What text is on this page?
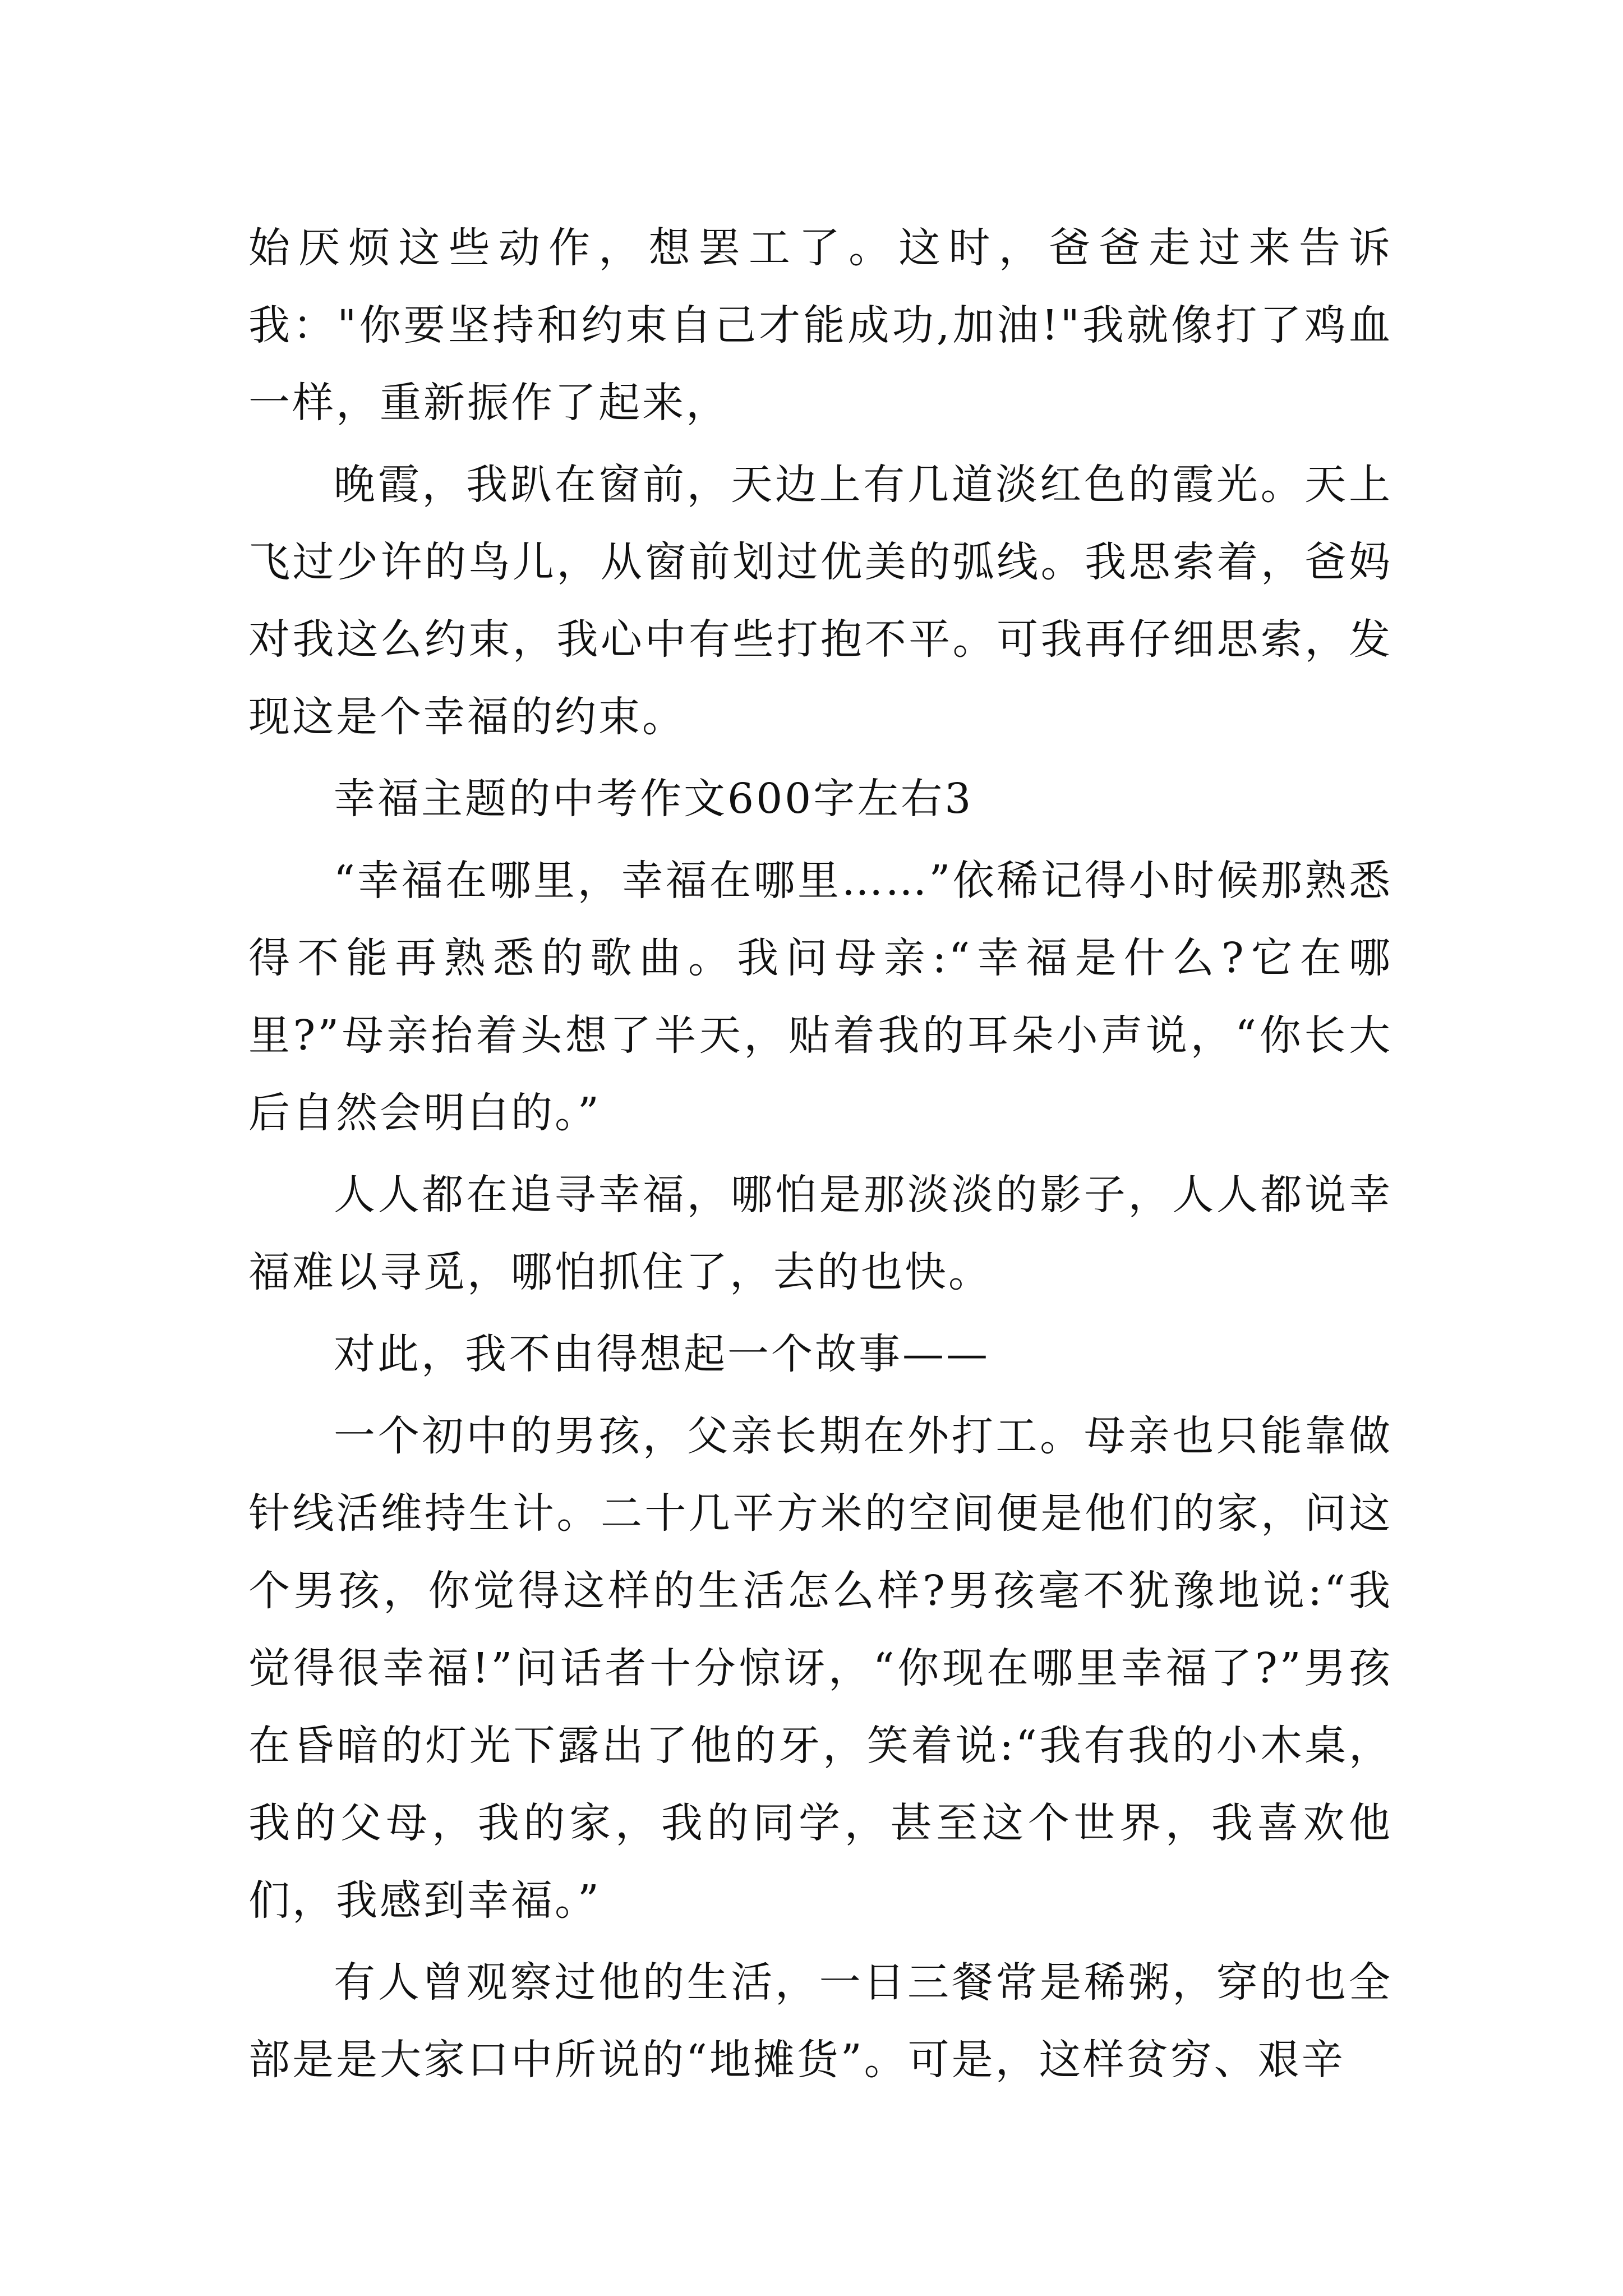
始厌烦这些动作，想罢工了。这时，爸爸走过来告诉我："你要坚持和约束自己才能成功,加油!"我就像打了鸡血一样，重新振作了起来，

晚霞，我趴在窗前，天边上有几道淡红色的霞光。天上飞过少许的鸟儿，从窗前划过优美的弧线。我思索着，爸妈对我这么约束，我心中有些打抱不平。可我再仔细思索，发现这是个幸福的约束。

幸福主题的中考作文600字左右3

“幸福在哪里，幸福在哪里……”依稀记得小时候那熟悉得不能再熟悉的歌曲。我问母亲:“幸福是什么?它在哪里?”母亲抬着头想了半天，贴着我的耳朵小声说，“你长大后自然会明白的。”

人人都在追寻幸福，哪怕是那淡淡的影子，人人都说幸福难以寻觅，哪怕抓住了，去的也快。

对此，我不由得想起一个故事——

一个初中的男孩，父亲长期在外打工。母亲也只能靠做针线活维持生计。二十几平方米的空间便是他们的家，问这个男孩，你觉得这样的生活怎么样?男孩毫不犹豫地说:“我觉得很幸福!”问话者十分惊讶，“你现在哪里幸福了?”男孩在昏暗的灯光下露出了他的牙，笑着说:“我有我的小木桌，我的父母，我的家，我的同学，甚至这个世界，我喜欢他们，我感到幸福。”

有人曾观察过他的生活，一日三餐常是稀粥，穿的也全部是是大家口中所说的“地摊货”。可是，这样贫穷、艰辛
